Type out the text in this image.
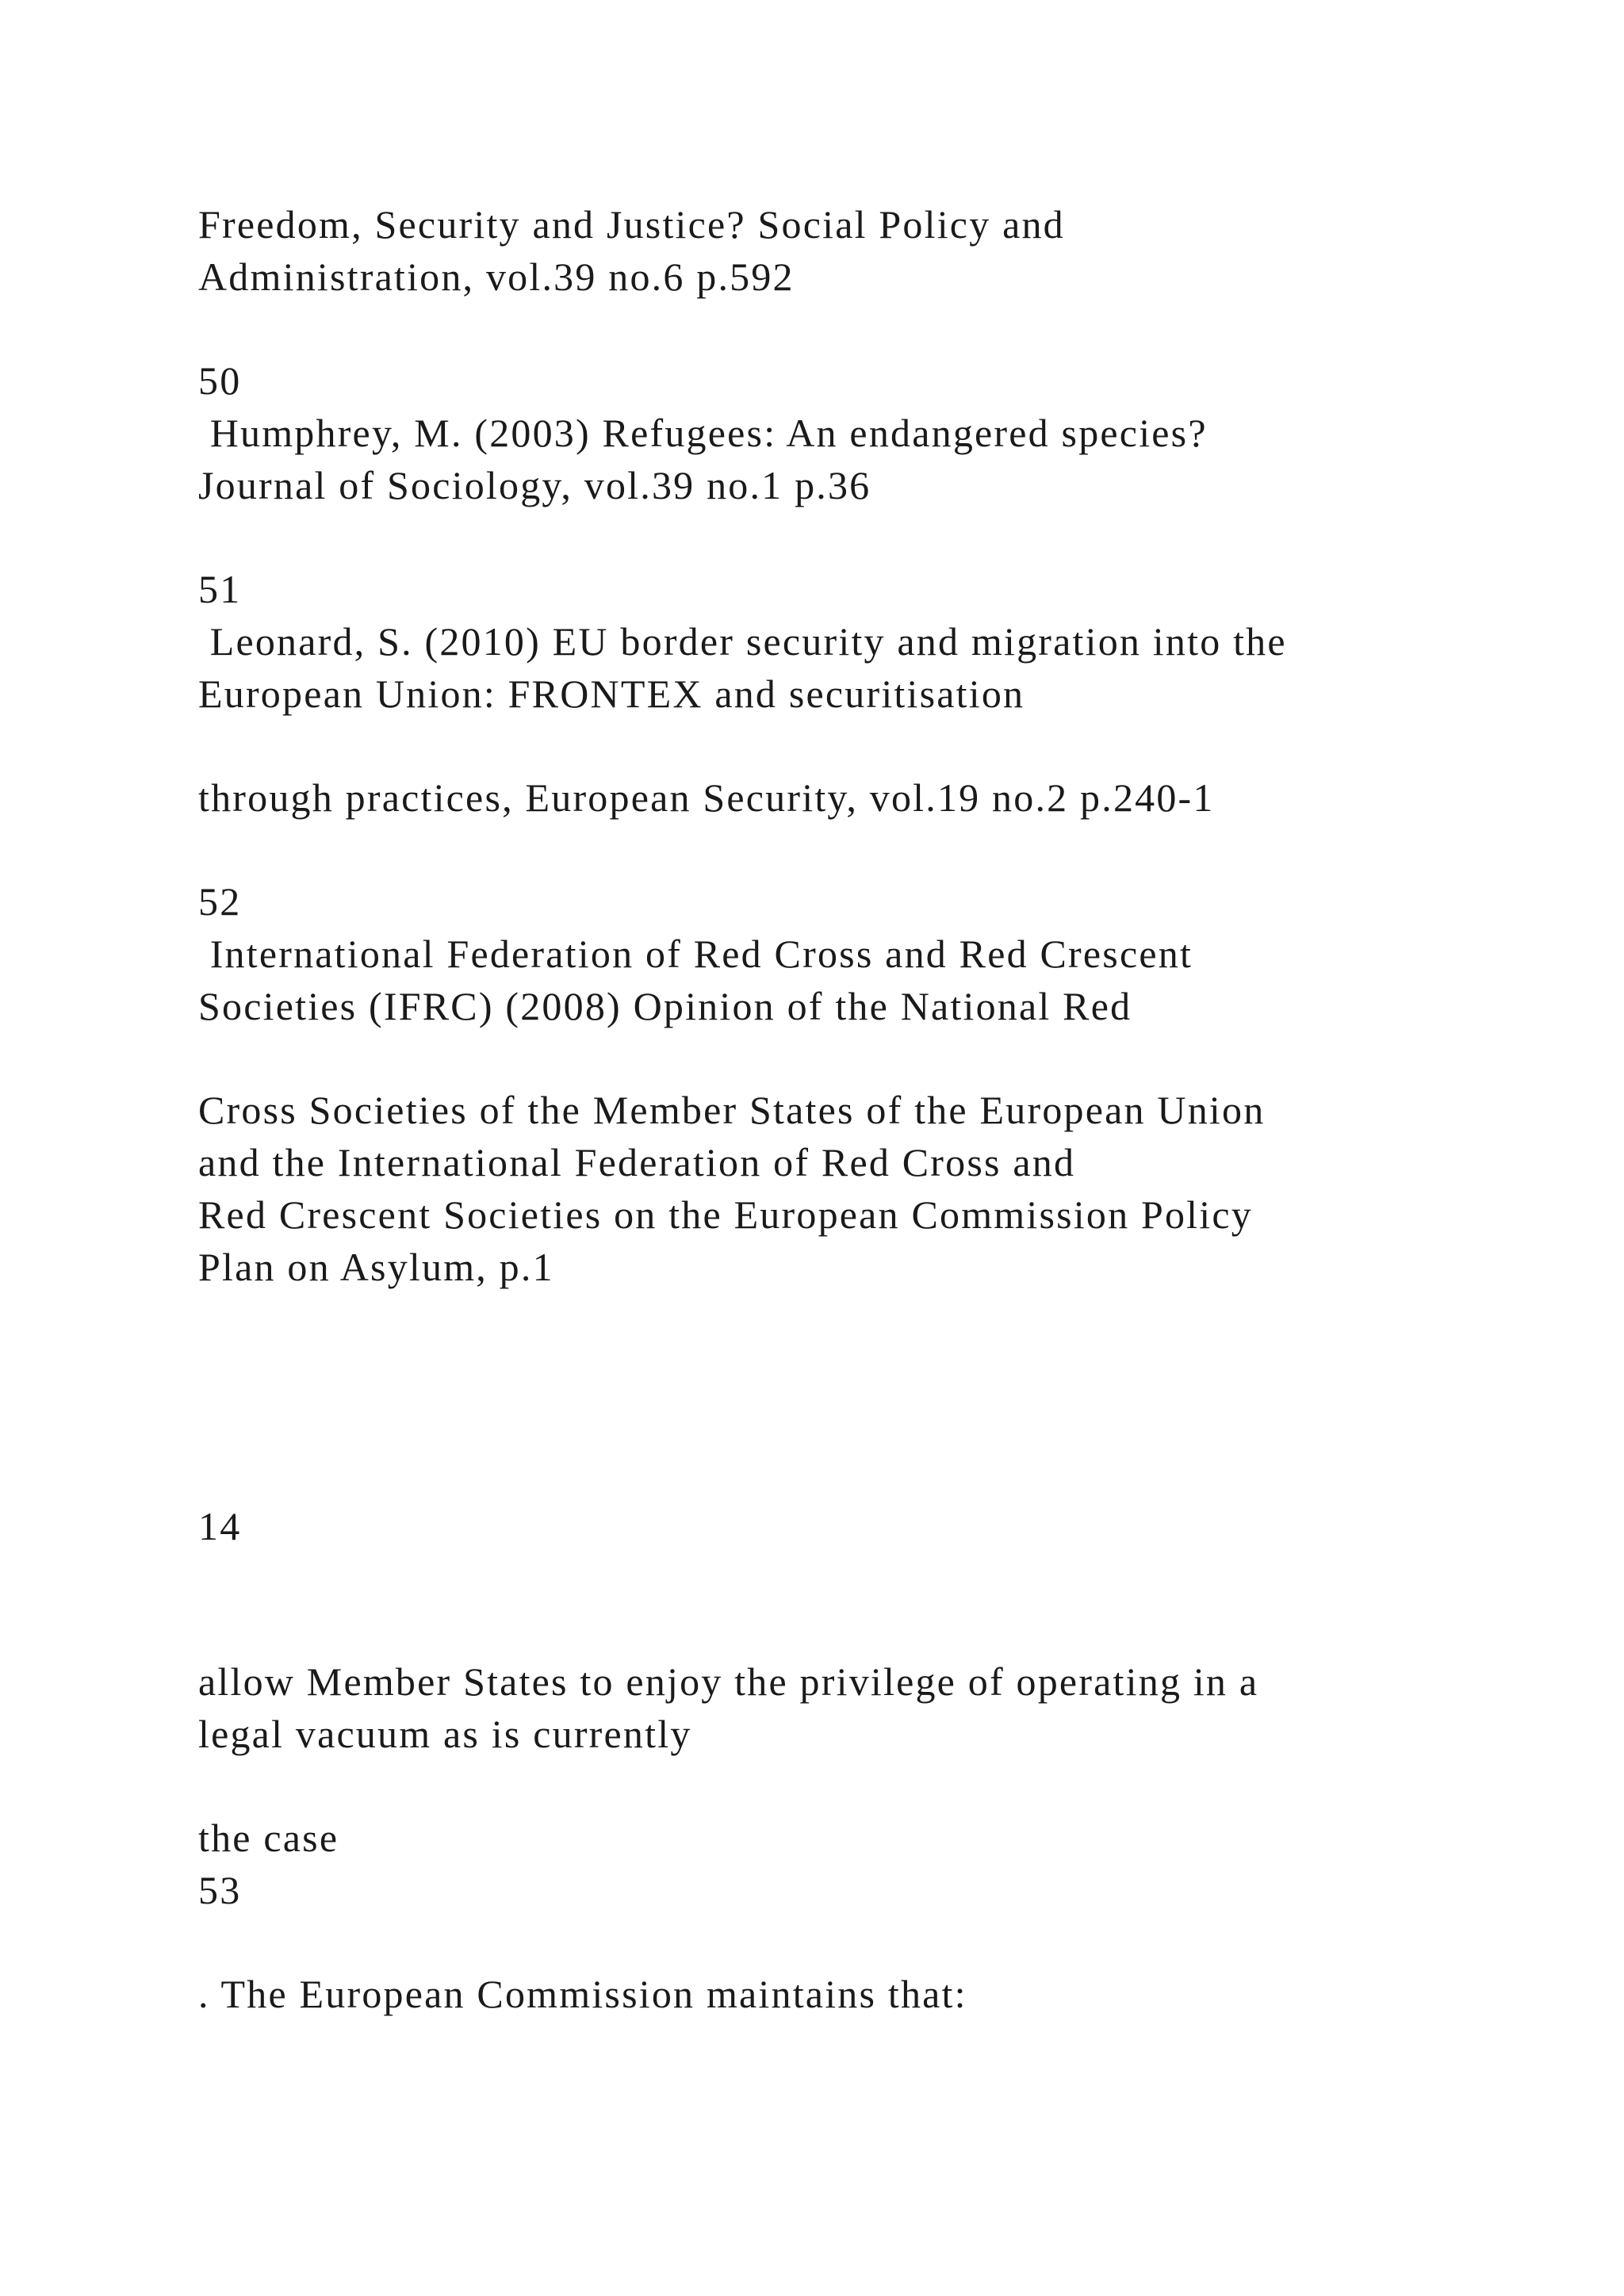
Freedom, Security and Justice? Social Policy and

Administration, vol.39 no.6 p.592

50

Humphrey, M. (2003) Refugees: An endangered species?

Journal of Sociology, vol.39 no.1 p.36

51

Leonard, S. (2010) EU border security and migration into the

European Union: FRONTEX and securitisation

through practices, European Security, vol.19 no.2 p.240-1

52

International Federation of Red Cross and Red Crescent

Societies (IFRC) (2008) Opinion of the National Red

Cross Societies of the Member States of the European Union

and the International Federation of Red Cross and

Red Crescent Societies on the European Commission Policy

Plan on Asylum, p.1

14

allow Member States to enjoy the privilege of operating in a

legal vacuum as is currently

the case

53

. The European Commission maintains that:
